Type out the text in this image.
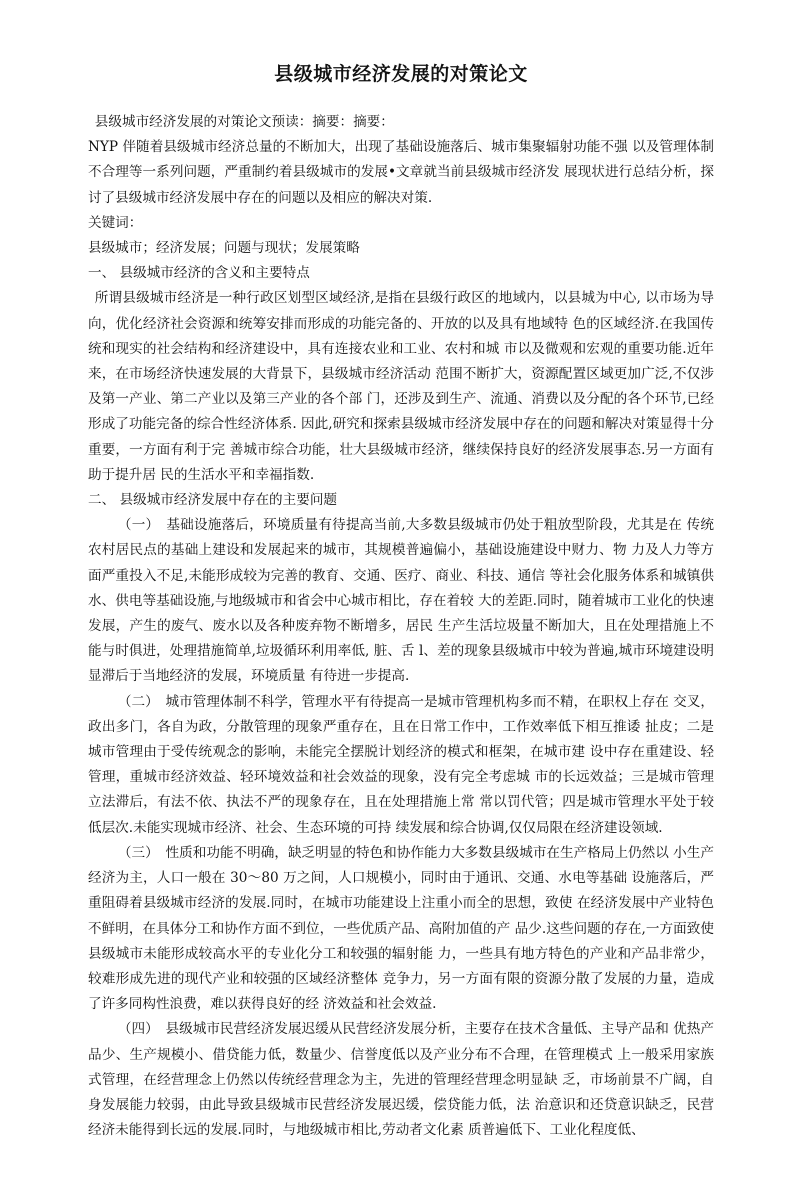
县级城市经济发展的对策论文

县级城市经济发展的对策论文预读：摘要：摘要：

NYP 伴随着县级城市经济总量的不断加大，出现了基础设施落后、城市集聚辐射功能不强 以及管理体制不合理等一系列问题，严重制约着县级城市的发展•文章就当前县级城市经济发 展现状进行总结分析，探讨了县级城市经济发展中存在的问题以及相应的解决对策.

关键词：

县级城市；经济发展；问题与现状；发展策略

一、 县级城市经济的含义和主要特点

所谓县级城市经济是一种行政区划型区域经济,是指在县级行政区的地域内，以县城为中心, 以市场为导向，优化经济社会资源和统筹安排而形成的功能完备的、开放的以及具有地域特 色的区域经济.在我国传统和现实的社会结构和经济建设中，具有连接农业和工业、农村和城 市以及微观和宏观的重要功能.近年来，在市场经济快速发展的大背景下，县级城市经济活动 范围不断扩大，资源配置区域更加广泛,不仅涉及第一产业、第二产业以及第三产业的各个部 门，还涉及到生产、流通、消费以及分配的各个环节,已经形成了功能完备的综合性经济体系. 因此,研究和探索县级城市经济发展中存在的问题和解决对策显得十分重要，一方面有利于完 善城市综合功能，壮大县级城市经济，继续保持良好的经济发展事态.另一方面有助于提升居 民的生活水平和幸福指数.

二、 县级城市经济发展中存在的主要问题

（一）　基础设施落后，环境质量有待提高当前,大多数县级城市仍处于粗放型阶段，尤其是在 传统农村居民点的基础上建设和发展起来的城市，其规模普遍偏小，基础设施建设中财力、物 力及人力等方面严重投入不足,未能形成较为完善的教育、交通、医疗、商业、科技、通信 等社会化服务体系和城镇供水、供电等基础设施,与地级城市和省会中心城市相比，存在着较 大的差距.同时，随着城市工业化的快速发展，产生的废气、废水以及各种废弃物不断增多，居民 生产生活垃圾量不断加大，且在处理措施上不能与时俱进，处理措施简单,垃圾循环利用率低, 脏、舌 l、差的现象县级城市中较为普遍,城市环境建设明显滞后于当地经济的发展，环境质量 有待进一步提高.

（二）　城市管理体制不科学，管理水平有待提高一是城市管理机构多而不精，在职权上存在 交叉，政出多门，各自为政，分散管理的现象严重存在，且在日常工作中，工作效率低下相互推诿 扯皮；二是城市管理由于受传统观念的影响，未能完全摆脱计划经济的模式和框架，在城市建 设中存在重建设、轻管理，重城市经济效益、轻环境效益和社会效益的现象，没有完全考虑城 市的长远效益；三是城市管理立法滞后，有法不依、执法不严的现象存在，且在处理措施上常 常以罚代管；四是城市管理水平处于较低层次.未能实现城市经济、社会、生态环境的可持 续发展和综合协调,仅仅局限在经济建设领域.

（三）　性质和功能不明确，缺乏明显的特色和协作能力大多数县级城市在生产格局上仍然以 小生产经济为主，人口一般在 30～80 万之间，人口规模小，同时由于通讯、交通、水电等基础 设施落后，严重阻碍着县级城市经济的发展.同时，在城市功能建设上注重小而全的思想，致使 在经济发展中产业特色不鲜明，在具体分工和协作方面不到位，一些优质产品、高附加值的产 品少.这些问题的存在,一方面致使县级城市未能形成较高水平的专业化分工和较强的辐射能 力，一些具有地方特色的产业和产品非常少，较难形成先进的现代产业和较强的区域经济整体 竞争力，另一方面有限的资源分散了发展的力量，造成了许多同构性浪费，难以获得良好的经 济效益和社会效益.

（四）　县级城市民营经济发展迟缓从民营经济发展分析，主要存在技术含量低、主导产品和 优热产品少、生产规模小、借贷能力低，数量少、信誉度低以及产业分布不合理，在管理模式 上一般采用家族式管理，在经营理念上仍然以传统经营理念为主，先进的管理经营理念明显缺 乏，市场前景不广阔，自身发展能力较弱，由此导致县级城市民营经济发展迟缓，偿贷能力低，法 治意识和还贷意识缺乏，民营经济未能得到长远的发展.同时，与地级城市相比,劳动者文化素 质普遍低下、工业化程度低、
